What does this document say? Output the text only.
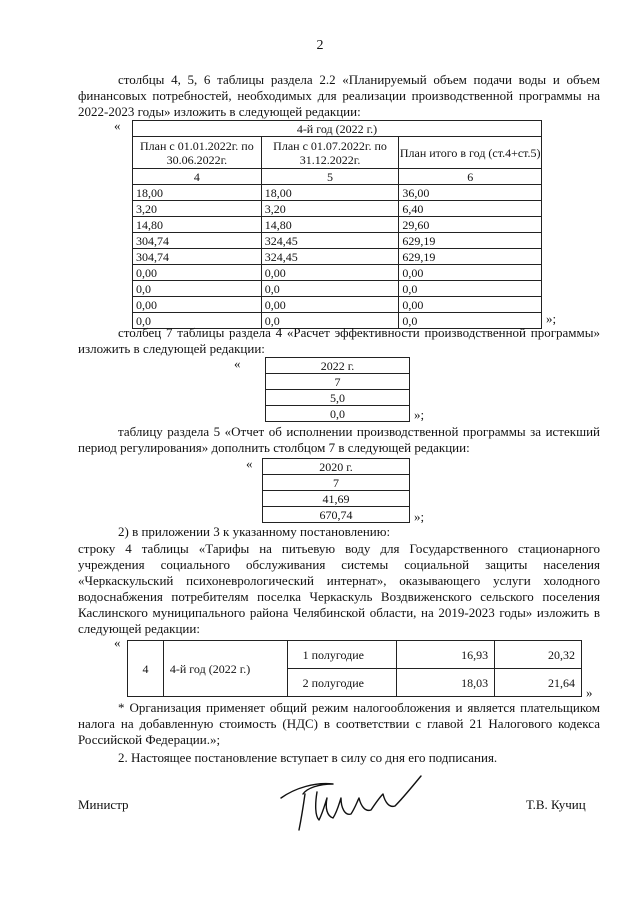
2
столбцы 4, 5, 6 таблицы раздела 2.2 «Планируемый объем подачи воды и объем финансовых потребностей, необходимых для реализации производственной программы на 2022-2023 годы» изложить в следующей редакции:
«	4-й год (2022 г.)		
План с 01.01.2022г. по 30.06.2022г.	План с 01.07.2022г. по 31.12.2022г.	План итого в год (ст.4+ст.5)
4	5	6
18,00	18,00	36,00
3,20	3,20	6,40
14,80	14,80	29,60
304,74	324,45	629,19
304,74	324,45	629,19
0,00	0,00	0,00
0,0	0,0	0,0
0,00	0,00	0,00
0,0	0,0	0,0	»;
столбец 7 таблицы раздела 4 «Расчет эффективности производственной программы» изложить в следующей редакции:
«	2022 г.
7
5,0
0,0	»;
таблицу раздела 5 «Отчет об исполнении производственной программы за истекший период регулирования» дополнить столбцом 7 в следующей редакции:
«	2020 г.
7
41,69
670,74	»;
2) в приложении 3 к указанному постановлению:
строку 4 таблицы «Тарифы на питьевую воду для Государственного стационарного учреждения социального обслуживания системы социальной защиты населения «Черкаскульский психоневрологический интернат», оказывающего услуги холодного водоснабжения потребителям поселка Черкаскуль Воздвиженского сельского поселения Каслинского муниципального района Челябинской области, на 2019-2023 годы» изложить в следующей редакции:
«
4	4-й год (2022 г.)	1 полугодие	16,93	20,32
		2 полугодие	18,03	21,64
»
* Организация применяет общий режим налогообложения и является плательщиком налога на добавленную стоимость (НДС) в соответствии с главой 21 Налогового кодекса Российской Федерации.»;
2. Настоящее постановление вступает в силу со дня его подписания.
Министр	Т.В. Кучиц
